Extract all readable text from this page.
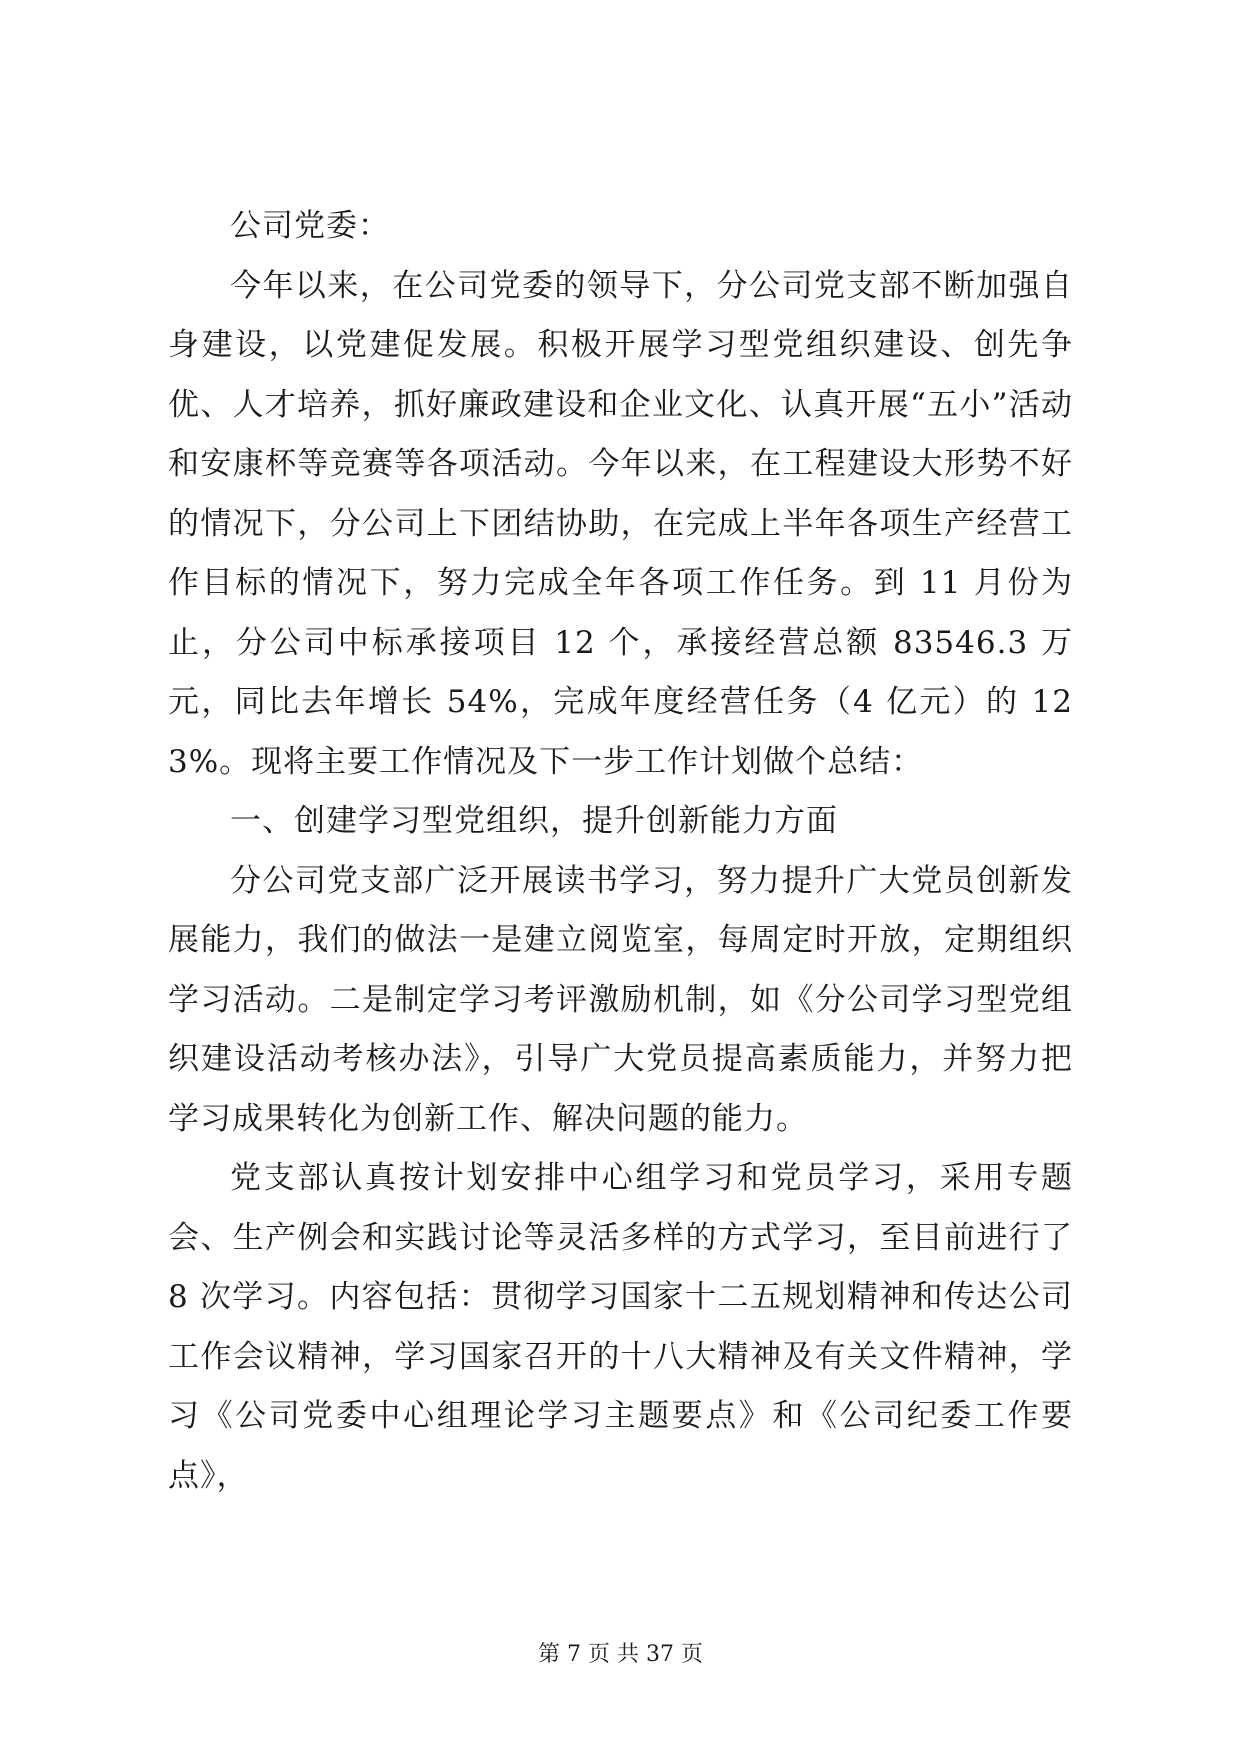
公司党委：

今年以来，在公司党委的领导下，分公司党支部不断加强自身建设，以党建促发展。积极开展学习型党组织建设、创先争优、人才培养，抓好廉政建设和企业文化、认真开展“五小”活动和安康杯等竞赛等各项活动。今年以来，在工程建设大形势不好的情况下，分公司上下团结协助，在完成上半年各项生产经营工作目标的情况下，努力完成全年各项工作任务。到 11 月份为止，分公司中标承接项目 12 个，承接经营总额 83546.3 万元，同比去年增长 54%，完成年度经营任务（4 亿元）的 123%。现将主要工作情况及下一步工作计划做个总结：

一、创建学习型党组织，提升创新能力方面

分公司党支部广泛开展读书学习，努力提升广大党员创新发展能力，我们的做法一是建立阅览室，每周定时开放，定期组织学习活动。二是制定学习考评激励机制，如《分公司学习型党组织建设活动考核办法》，引导广大党员提高素质能力，并努力把学习成果转化为创新工作、解决问题的能力。

党支部认真按计划安排中心组学习和党员学习，采用专题会、生产例会和实践讨论等灵活多样的方式学习，至目前进行了 8 次学习。内容包括：贯彻学习国家十二五规划精神和传达公司工作会议精神，学习国家召开的十八大精神及有关文件精神，学习《公司党委中心组理论学习主题要点》和《公司纪委工作要点》，

第 7 页 共 37 页
